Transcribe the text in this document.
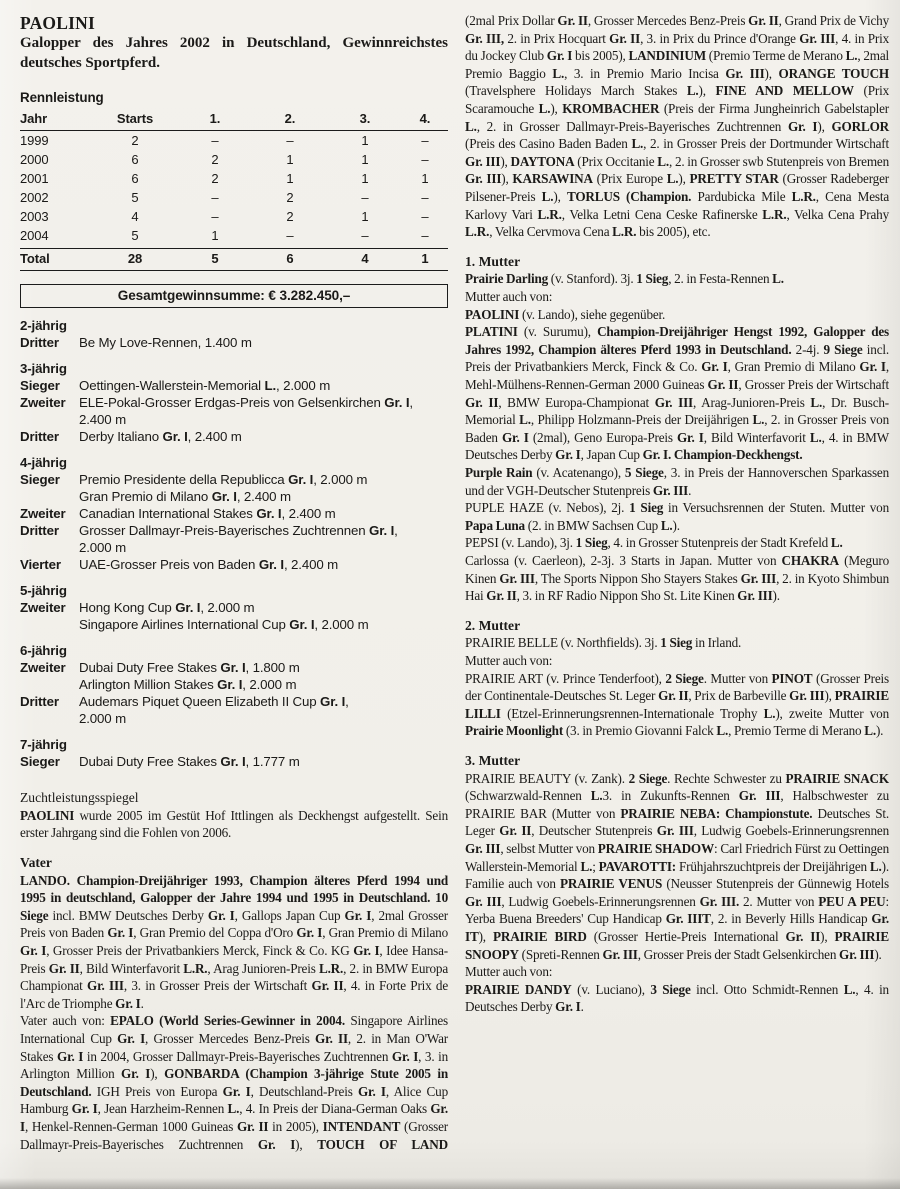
PAOLINI
Galopper des Jahres 2002 in Deutschland, Gewinnreichstes deutsches Sportpferd.
Rennleistung
Jahr	Starts	1.	2.	3.	4.
1999	2	–	–	1	–
2000	6	2	1	1	–
2001	6	2	1	1	1
2002	5	–	2	–	–
2003	4	–	2	1	–
2004	5	1	–	–	–
Total	28	5	6	4	1
Gesamtgewinnsumme: € 3.282.450,–
2-jährig
Dritter	Be My Love-Rennen, 1.400 m
3-jährig
Sieger	Oettingen-Wallerstein-Memorial L., 2.000 m
Zweiter	ELE-Pokal-Grosser Erdgas-Preis von Gelsenkirchen Gr. I,
2.400 m
Dritter	Derby Italiano Gr. I, 2.400 m
4-jährig
Sieger	Premio Presidente della Republicca Gr. I, 2.000 m
Gran Premio di Milano Gr. I, 2.400 m
Zweiter	Canadian International Stakes Gr. I, 2.400 m
Dritter	Grosser Dallmayr-Preis-Bayerisches Zuchtrennen Gr. I,
2.000 m
Vierter	UAE-Grosser Preis von Baden Gr. I, 2.400 m
5-jährig
Zweiter	Hong Kong Cup Gr. I, 2.000 m
Singapore Airlines International Cup Gr. I, 2.000 m
6-jährig
Zweiter	Dubai Duty Free Stakes Gr. I, 1.800 m
Arlington Million Stakes Gr. I, 2.000 m
Dritter	Audemars Piquet Queen Elizabeth II Cup Gr. I,
2.000 m
7-jährig
Sieger	Dubai Duty Free Stakes Gr. I, 1.777 m
Zuchtleistungsspiegel
PAOLINI wurde 2005 im Gestüt Hof Ittlingen als Deckhengst aufgestellt. Sein erster Jahrgang sind die Fohlen von 2006.
Vater
LANDO. Champion-Dreijähriger 1993, Champion älteres Pferd 1994 und 1995 in deutschland, Galopper der Jahre 1994 und 1995 in Deutschland. 10 Siege incl. BMW Deutsches Derby Gr. I, Gallops Japan Cup Gr. I, 2mal Grosser Preis von Baden Gr. I, Gran Premio del Coppa d'Oro Gr. I, Gran Premio di Milano Gr. I, Grosser Preis der Privatbankiers Merck, Finck & Co. KG Gr. I, Idee Hansa-Preis Gr. II, Bild Winterfavorit L.R., Arag Junioren-Preis L.R., 2. in BMW Europa Championat Gr. III, 3. in Grosser Preis der Wirtschaft Gr. II, 4. in Forte Prix de l'Arc de Triomphe Gr. I.
Vater auch von: EPALO (World Series-Gewinner in 2004. Singapore Airlines International Cup Gr. I, Grosser Mercedes Benz-Preis Gr. II, 2. in Man O'War Stakes Gr. I in 2004, Grosser Dallmayr-Preis-Bayerisches Zuchtrennen Gr. I, 3. in Arlington Million Gr. I), GONBARDA (Champion 3-jährige Stute 2005 in Deutschland. IGH Preis von Europa Gr. I, Deutschland-Preis Gr. I, Alice Cup Hamburg Gr. I, Jean Harzheim-Rennen L., 4. In Preis der Diana-German Oaks Gr. I, Henkel-Rennen-German 1000 Guineas Gr. II in 2005), INTENDANT (Grosser Dallmayr-Preis-Bayerisches Zuchtrennen Gr. I), TOUCH OF LAND
(2mal Prix Dollar Gr. II, Grosser Mercedes Benz-Preis Gr. II, Grand Prix de Vichy Gr. III, 2. in Prix Hocquart Gr. II, 3. in Prix du Prince d'Orange Gr. III, 4. in Prix du Jockey Club Gr. I bis 2005), LANDINIUM (Premio Terme de Merano L., 2mal Premio Baggio L., 3. in Premio Mario Incisa Gr. III), ORANGE TOUCH (Travelsphere Holidays March Stakes L.), FINE AND MELLOW (Prix Scaramouche L.), KROMBACHER (Preis der Firma Jungheinrich Gabelstapler L., 2. in Grosser Dallmayr-Preis-Bayerisches Zuchtrennen Gr. I), GORLOR (Preis des Casino Baden Baden L., 2. in Grosser Preis der Dortmunder Wirtschaft Gr. III), DAYTONA (Prix Occitanie L., 2. in Grosser swb Stutenpreis von Bremen Gr. III), KARSAWINA (Prix Europe L.), PRETTY STAR (Grosser Radeberger Pilsener-Preis L.), TORLUS (Champion. Pardubicka Mile L.R., Cena Mesta Karlovy Vari L.R., Velka Letni Cena Ceske Rafinerske L.R., Velka Cena Prahy L.R., Velka Cervmova Cena L.R. bis 2005), etc.
1. Mutter
Prairie Darling (v. Stanford). 3j. 1 Sieg, 2. in Festa-Rennen L.
Mutter auch von:
PAOLINI (v. Lando), siehe gegenüber.
PLATINI (v. Surumu), Champion-Dreijähriger Hengst 1992, Galopper des Jahres 1992, Champion älteres Pferd 1993 in Deutschland. 2-4j. 9 Siege incl. Preis der Privatbankiers Merck, Finck & Co. Gr. I, Gran Premio di Milano Gr. I, Mehl-Mülhens-Rennen-German 2000 Guineas Gr. II, Grosser Preis der Wirtschaft Gr. II, BMW Europa-Championat Gr. III, Arag-Junioren-Preis L., Dr. Busch-Memorial L., Philipp Holzmann-Preis der Dreijährigen L., 2. in Grosser Preis von Baden Gr. I (2mal), Geno Europa-Preis Gr. I, Bild Winterfavorit L., 4. in BMW Deutsches Derby Gr. I, Japan Cup Gr. I. Champion-Deckhengst.
Purple Rain (v. Acatenango), 5 Siege, 3. in Preis der Hannoverschen Sparkassen und der VGH-Deutscher Stutenpreis Gr. III.
PUPLE HAZE (v. Nebos), 2j. 1 Sieg in Versuchsrennen der Stuten. Mutter von Papa Luna (2. in BMW Sachsen Cup L.).
PEPSI (v. Lando), 3j. 1 Sieg, 4. in Grosser Stutenpreis der Stadt Krefeld L.
Carlossa (v. Caerleon), 2-3j. 3 Starts in Japan. Mutter von CHAKRA (Meguro Kinen Gr. III, The Sports Nippon Sho Stayers Stakes Gr. III, 2. in Kyoto Shimbun Hai Gr. II, 3. in RF Radio Nippon Sho St. Lite Kinen Gr. III).
2. Mutter
PRAIRIE BELLE (v. Northfields). 3j. 1 Sieg in Irland.
Mutter auch von:
PRAIRIE ART (v. Prince Tenderfoot), 2 Siege. Mutter von PINOT (Grosser Preis der Continentale-Deutsches St. Leger Gr. II, Prix de Barbeville Gr. III), PRAIRIE LILLI (Etzel-Erinnerungsrennen-Internationale Trophy L.), zweite Mutter von Prairie Moonlight (3. in Premio Giovanni Falck L., Premio Terme di Merano L.).
3. Mutter
PRAIRIE BEAUTY (v. Zank). 2 Siege. Rechte Schwester zu PRAIRIE SNACK (Schwarzwald-Rennen L.3. in Zukunfts-Rennen Gr. III, Halbschwester zu PRAIRIE BAR (Mutter von PRAIRIE NEBA: Championstute. Deutsches St. Leger Gr. II, Deutscher Stutenpreis Gr. III, Ludwig Goebels-Erinnerungsrennen Gr. III, selbst Mutter von PRAIRIE SHADOW: Carl Friedrich Fürst zu Oettingen Wallerstein-Memorial L.; PAVAROTTI: Frühjahrszuchtpreis der Dreijährigen L.). Familie auch von PRAIRIE VENUS (Neusser Stutenpreis der Günnewig Hotels Gr. III, Ludwig Goebels-Erinnerungsrennen Gr. III. 2. Mutter von PEU A PEU: Yerba Buena Breeders' Cup Handicap Gr. IIIT, 2. in Beverly Hills Handicap Gr. IT), PRAIRIE BIRD (Grosser Hertie-Preis International Gr. II), PRAIRIE SNOOPY (Spreti-Rennen Gr. III, Grosser Preis der Stadt Gelsenkirchen Gr. III).
Mutter auch von:
PRAIRIE DANDY (v. Luciano), 3 Siege incl. Otto Schmidt-Rennen L., 4. in Deutsches Derby Gr. I.
